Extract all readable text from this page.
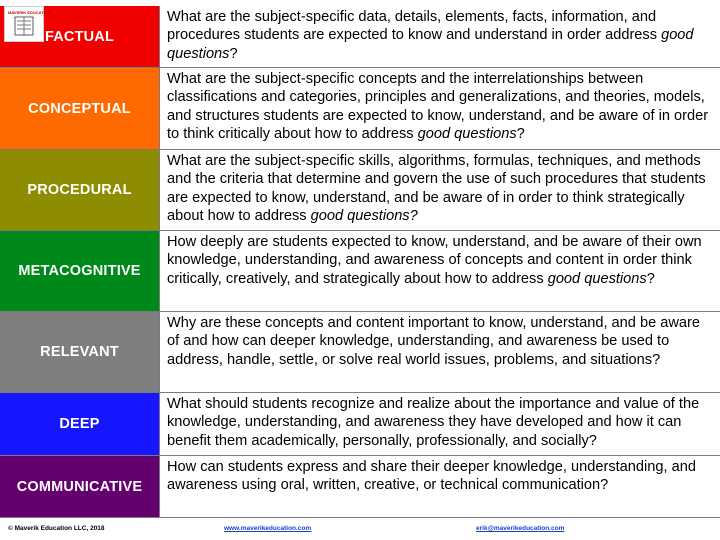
FACTUAL
What are the subject-specific data, details, elements, facts, information, and procedures students are expected to know and understand in order address good questions?
CONCEPTUAL
What are the subject-specific concepts and the interrelationships between classifications and categories, principles and generalizations, and theories, models, and structures students are expected to know, understand, and be aware of in order to think critically about how to address good questions?
PROCEDURAL
What are the subject-specific skills, algorithms, formulas, techniques, and methods and the criteria that determine and govern the use of such procedures that students are expected to know, understand, and be aware of in order to think strategically about how to address good questions?
METACOGNITIVE
How deeply are students expected to know, understand, and be aware of their own knowledge, understanding, and awareness of concepts and content in order think critically, creatively, and strategically about how to address good questions?
RELEVANT
Why are these concepts and content important to know, understand, and be aware of and how can deeper knowledge, understanding, and awareness be used to address, handle, settle, or solve real world issues, problems, and situations?
DEEP
What should students recognize and realize about the importance and value of the knowledge, understanding, and awareness they have developed and how it can benefit them academically, personally, professionally, and socially?
COMMUNICATIVE
How can students express and share their deeper knowledge, understanding, and awareness using oral, written, creative, or technical communication?
MAVERIK EDUCATION
© Maverik Education LLC, 2018	www.maverikeducation.com	erik@maverikeducation.com
